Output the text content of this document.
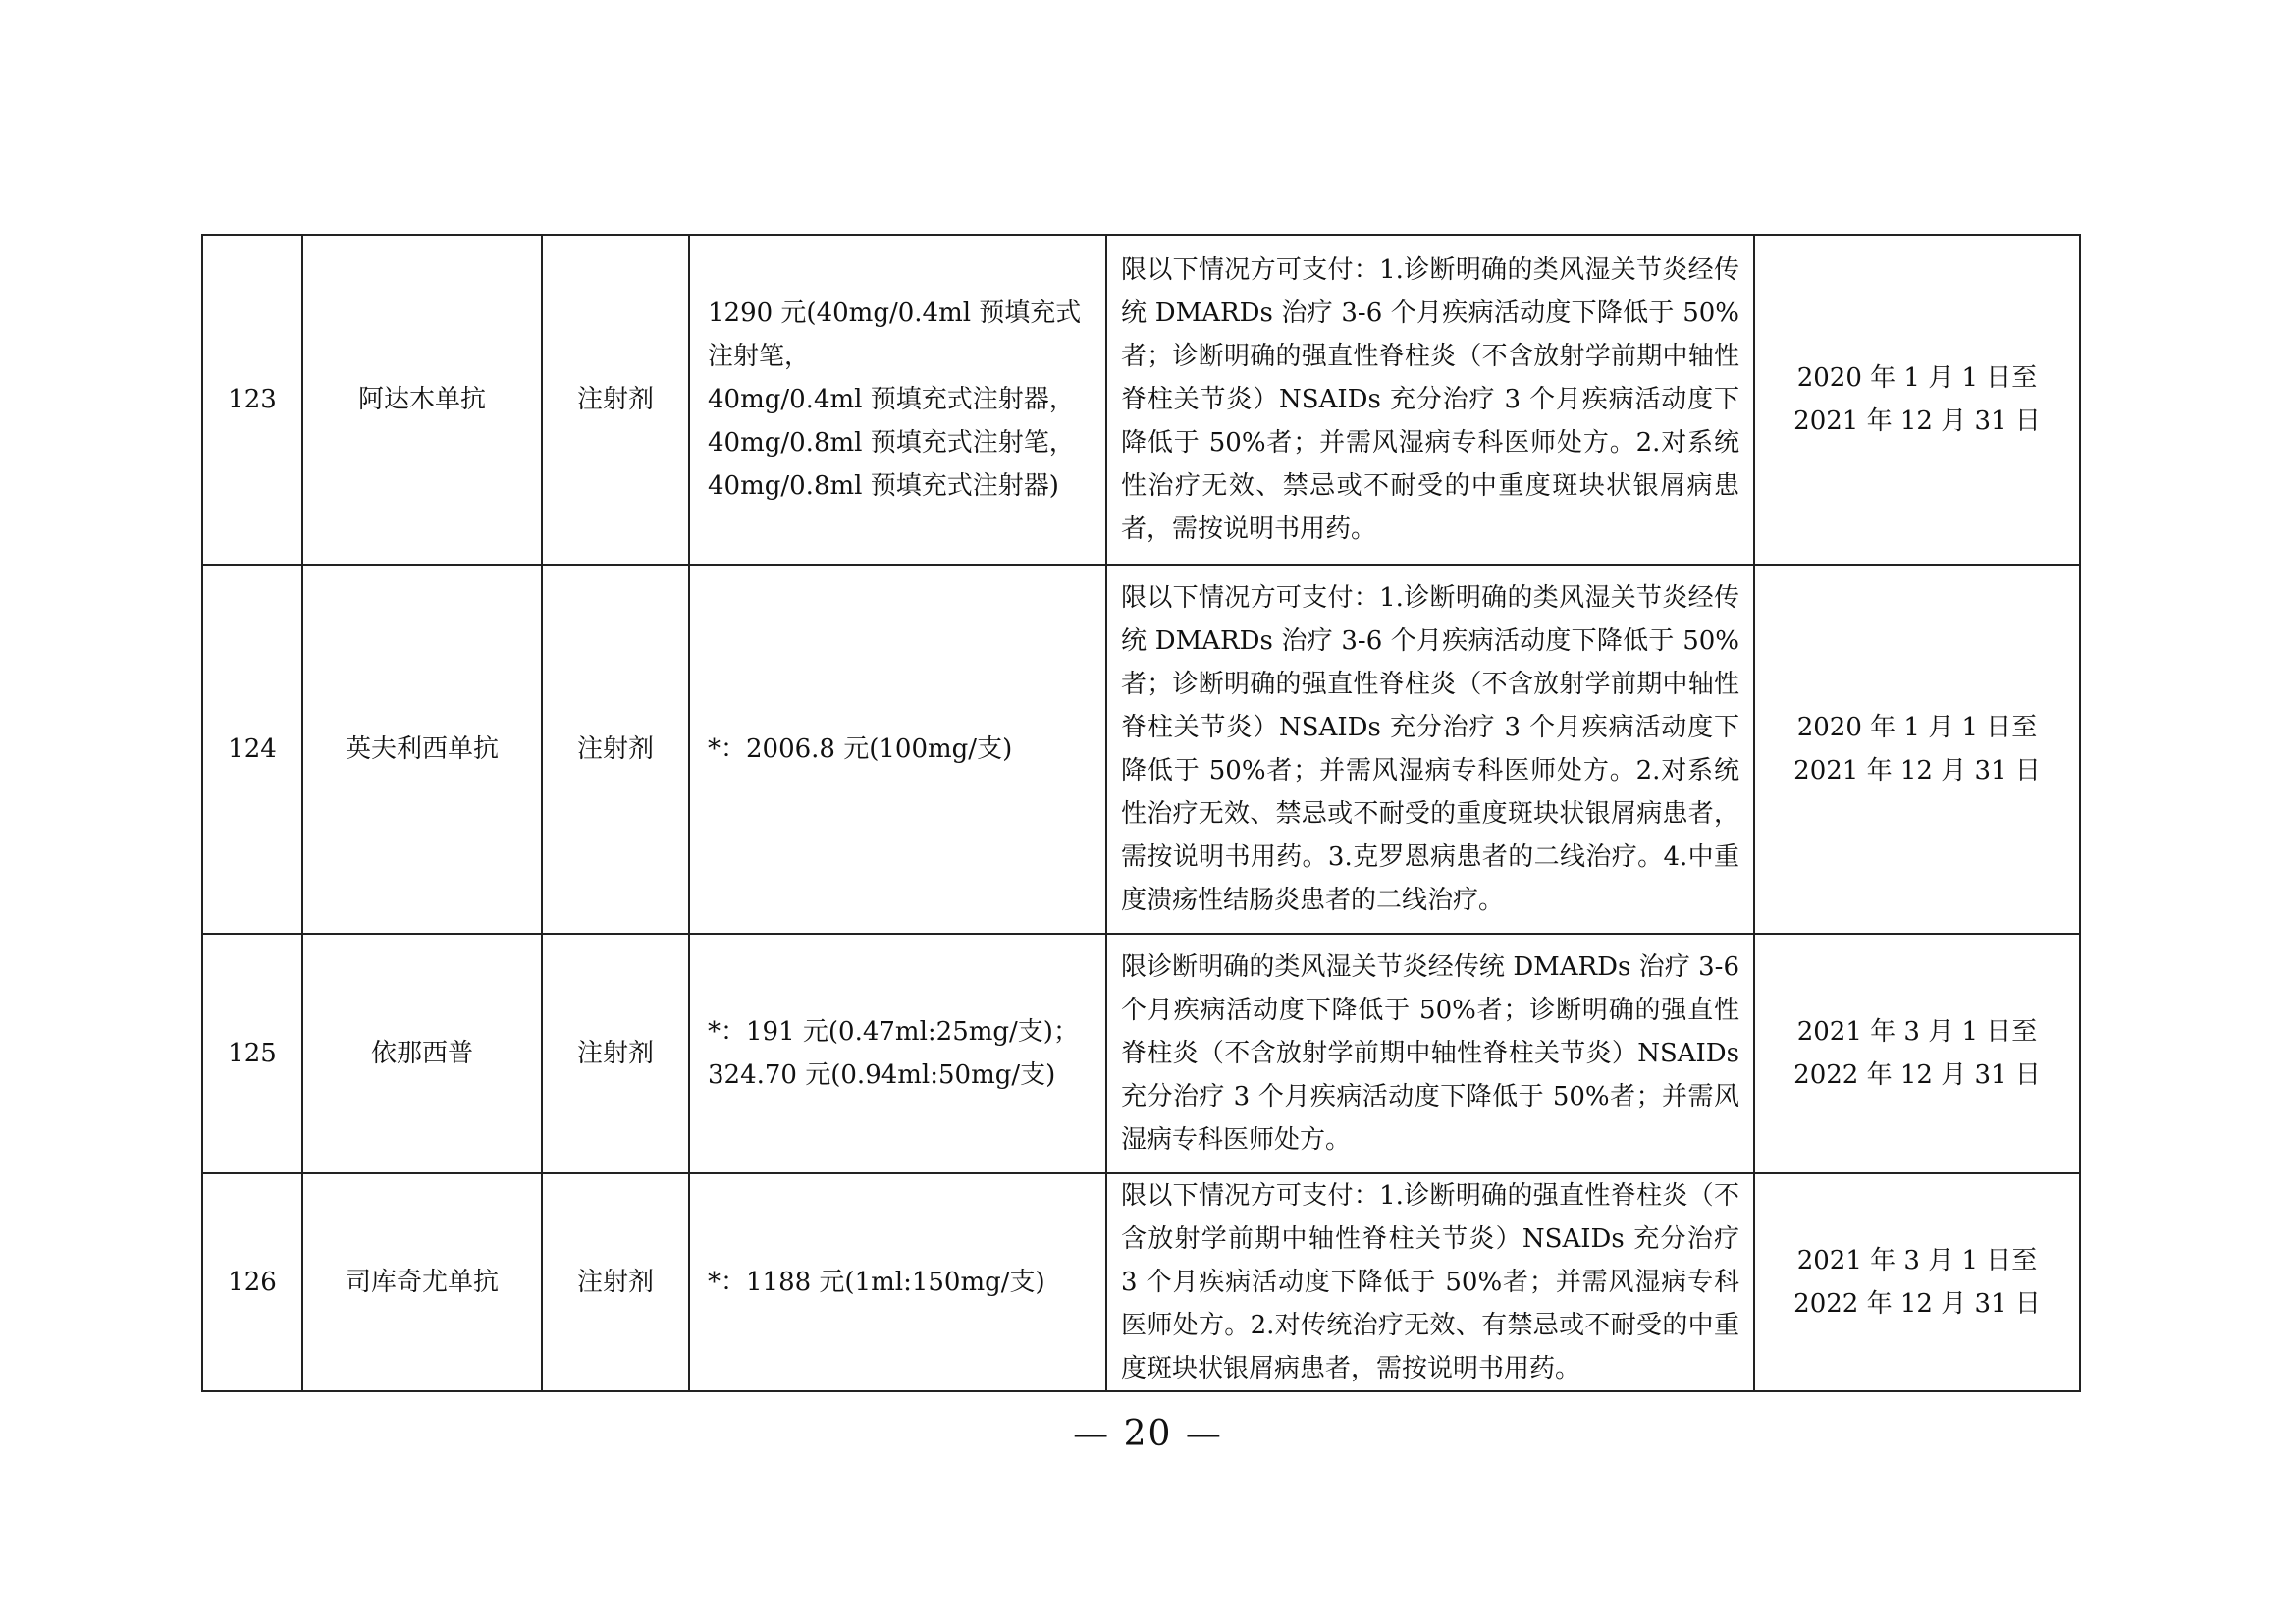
123	阿达木单抗	注射剂	1290 元(40mg/0.4ml 预填充式注射笔，
40mg/0.4ml 预填充式注射器，
40mg/0.8ml 预填充式注射笔，
40mg/0.8ml 预填充式注射器)	限以下情况方可支付：1.诊断明确的类风湿关节炎经传统 DMARDs 治疗 3-6 个月疾病活动度下降低于 50%者；诊断明确的强直性脊柱炎（不含放射学前期中轴性脊柱关节炎）NSAIDs 充分治疗 3 个月疾病活动度下降低于 50%者；并需风湿病专科医师处方。2.对系统性治疗无效、禁忌或不耐受的中重度斑块状银屑病患者，需按说明书用药。	2020 年 1 月 1 日至 2021 年 12 月 31 日

124	英夫利西单抗	注射剂	*：2006.8 元(100mg/支)	限以下情况方可支付：1.诊断明确的类风湿关节炎经传统 DMARDs 治疗 3-6 个月疾病活动度下降低于 50%者；诊断明确的强直性脊柱炎（不含放射学前期中轴性脊柱关节炎）NSAIDs 充分治疗 3 个月疾病活动度下降低于 50%者；并需风湿病专科医师处方。2.对系统性治疗无效、禁忌或不耐受的重度斑块状银屑病患者，需按说明书用药。3.克罗恩病患者的二线治疗。4.中重度溃疡性结肠炎患者的二线治疗。	2020 年 1 月 1 日至 2021 年 12 月 31 日

125	依那西普	注射剂	*：191 元(0.47ml:25mg/支)；
324.70 元(0.94ml:50mg/支)	限诊断明确的类风湿关节炎经传统 DMARDs 治疗 3-6 个月疾病活动度下降低于 50%者；诊断明确的强直性脊柱炎（不含放射学前期中轴性脊柱关节炎）NSAIDs 充分治疗 3 个月疾病活动度下降低于 50%者；并需风湿病专科医师处方。	2021 年 3 月 1 日至 2022 年 12 月 31 日

126	司库奇尤单抗	注射剂	*：1188 元(1ml:150mg/支)	限以下情况方可支付：1.诊断明确的强直性脊柱炎（不含放射学前期中轴性脊柱关节炎）NSAIDs 充分治疗 3 个月疾病活动度下降低于 50%者；并需风湿病专科医师处方。2.对传统治疗无效、有禁忌或不耐受的中重度斑块状银屑病患者，需按说明书用药。	2021 年 3 月 1 日至 2022 年 12 月 31 日
— 20 —
